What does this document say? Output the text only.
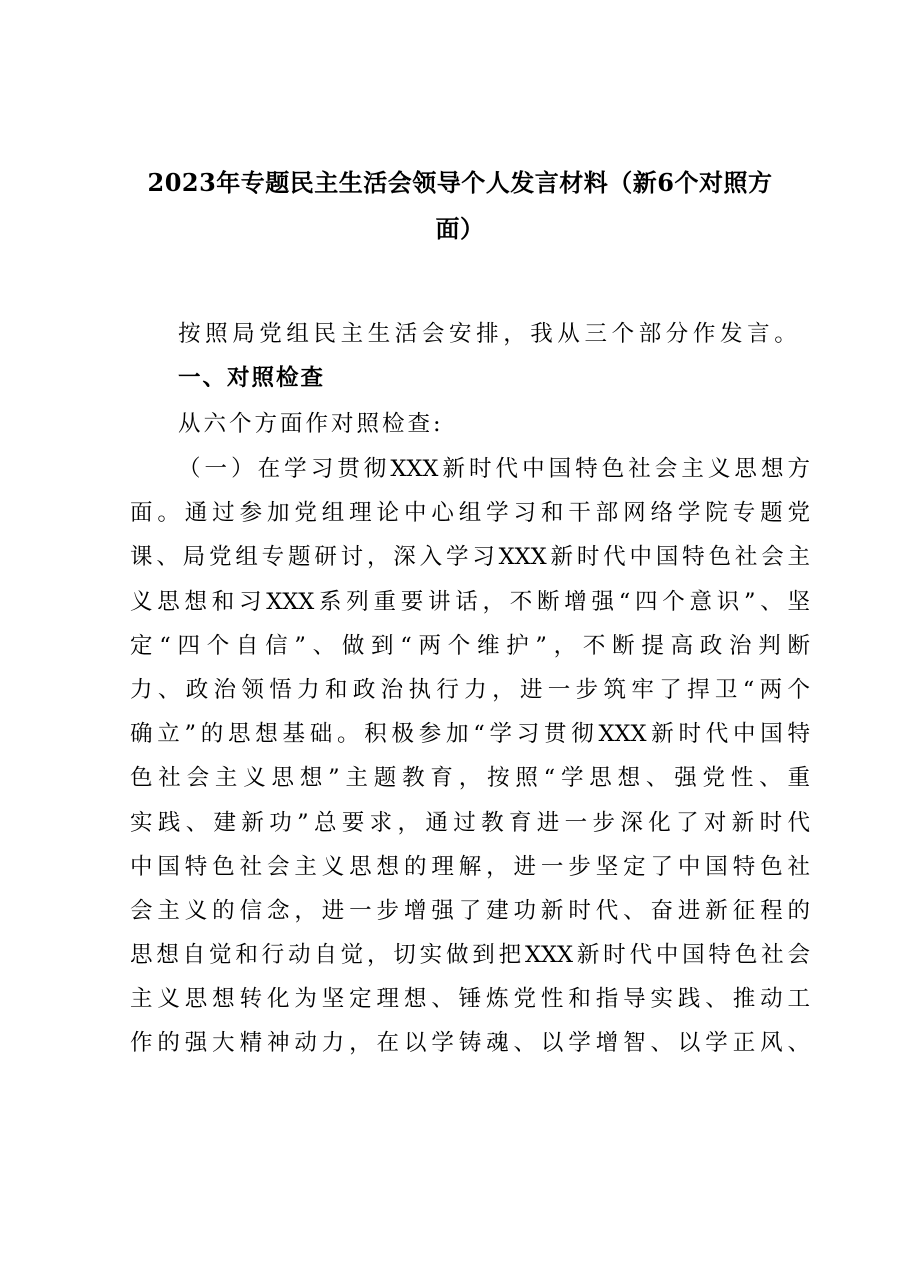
2023年专题民主生活会领导个人发言材料（新6个对照方
面）
按照局党组民主生活会安排，我从三个部分作发言。
一、对照检查
从六个方面作对照检查:
（一）在学习贯彻XXX新时代中国特色社会主义思想方
面。通过参加党组理论中心组学习和干部网络学院专题党
课、局党组专题研讨，深入学习XXX新时代中国特色社会主
义思想和习XXX系列重要讲话，不断增强“四个意识”、坚
定“四个自信”、做到“两个维护”，不断提高政治判断
力、政治领悟力和政治执行力，进一步筑牢了捍卫“两个
确立”的思想基础。积极参加“学习贯彻XXX新时代中国特
色社会主义思想”主题教育，按照“学思想、强党性、重
实践、建新功”总要求，通过教育进一步深化了对新时代
中国特色社会主义思想的理解，进一步坚定了中国特色社
会主义的信念，进一步增强了建功新时代、奋进新征程的
思想自觉和行动自觉，切实做到把XXX新时代中国特色社会
主义思想转化为坚定理想、锤炼党性和指导实践、推动工
作的强大精神动力，在以学铸魂、以学增智、以学正风、
